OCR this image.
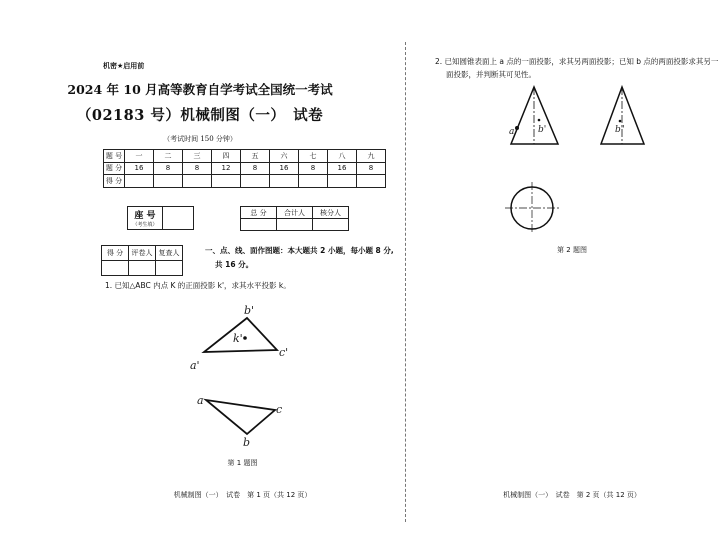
机密★启用前
2024 年 10 月高等教育自学考试全国统一考试
（02183 号）机械制图（一）　试卷
（考试时间 150 分钟）
题 号	一	二	三	四	五	六	七	八	九
题 分	16	8	8	12	8	16	8	16	8
得 分									
座 号
（考生填）

总 分	合计人	核分人

得 分	评卷人	复查人
			一、点、线、面作图题：本大题共 2 小题，每小题 8 分,
共 16 分。
1. 已知△ABC 内点 K 的正面投影 k'，求其水平投影 k。
b'
k'
a'
c'
a
c
b
a' b'	b"
第 1 题图
机械制图（一）　试卷　第 1 页（共 12 页）
2. 已知圆锥表面上 a 点的一面投影，求其另两面投影；已知 b 点的两面投影求其另一
面投影，并判断其可见性。
第 2 题图
机械制图（一）　试卷　第 2 页（共 12 页）
